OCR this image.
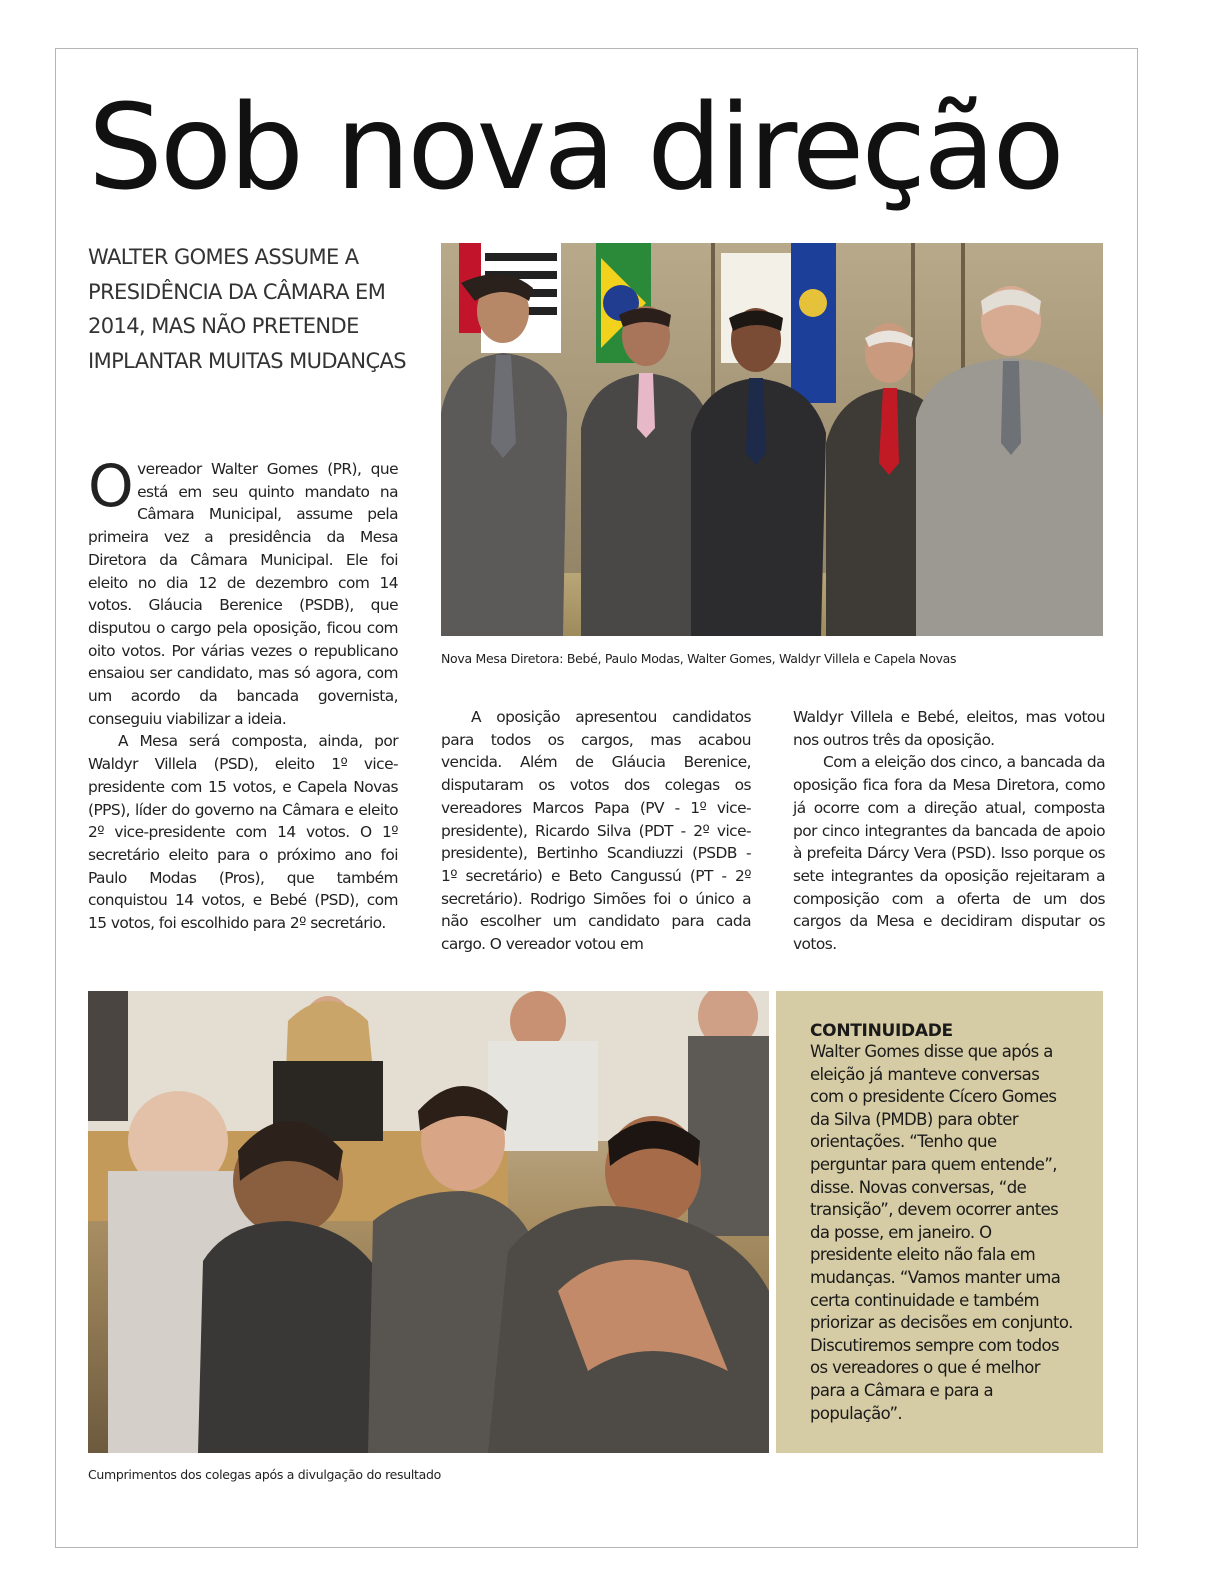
Sob nova direção
WALTER GOMES ASSUME A PRESIDÊNCIA DA CÂMARA EM 2014, MAS NÃO PRETENDE IMPLANTAR MUITAS MUDANÇAS
Nova Mesa Diretora: Bebé, Paulo Modas, Walter Gomes, Waldyr Villela e Capela Novas

Overeador Walter Gomes (PR), que está em seu quinto mandato na Câmara Municipal, assume pela primeira vez a presidência da Mesa Diretora da Câmara Municipal. Ele foi eleito no dia 12 de dezembro com 14 votos. Gláucia Berenice (PSDB), que disputou o cargo pela oposição, ficou com oito votos. Por várias vezes o republicano ensaiou ser candidato, mas só agora, com um acordo da bancada governista, conseguiu viabilizar a ideia.

A Mesa será composta, ainda, por Waldyr Villela (PSD), eleito 1º vice-presidente com 15 votos, e Capela Novas (PPS), líder do governo na Câmara e eleito 2º vice-presidente com 14 votos. O 1º secretário eleito para o próximo ano foi Paulo Modas (Pros), que também conquistou 14 votos, e Bebé (PSD), com 15 votos, foi escolhido para 2º secretário.

A oposição apresentou candidatos para todos os cargos, mas acabou vencida. Além de Gláucia Berenice, disputaram os votos dos colegas os vereadores Marcos Papa (PV - 1º vice-presidente), Ricardo Silva (PDT - 2º vice-presidente), Bertinho Scandiuzzi (PSDB - 1º secretário) e Beto Cangussú (PT - 2º secretário). Rodrigo Simões foi o único a não escolher um candidato para cada cargo. O vereador votou em

Waldyr Villela e Bebé, eleitos, mas votou nos outros três da oposição.

Com a eleição dos cinco, a bancada da oposição fica fora da Mesa Diretora, como já ocorre com a direção atual, composta por cinco integrantes da bancada de apoio à prefeita Dárcy Vera (PSD). Isso porque os sete integrantes da oposição rejeitaram a composição com a oferta de um dos cargos da Mesa e decidiram disputar os votos.

Cumprimentos dos colegas após a divulgação do resultado
CONTINUIDADE
Walter Gomes disse que após a eleição já manteve conversas com o presidente Cícero Gomes da Silva (PMDB) para obter orientações. “Tenho que perguntar para quem entende”, disse. Novas conversas, “de transição”, devem ocorrer antes da posse, em janeiro. O presidente eleito não fala em mudanças. “Vamos manter uma certa continuidade e também priorizar as decisões em conjunto. Discutiremos sempre com todos os vereadores o que é melhor para a Câmara e para a população”.
